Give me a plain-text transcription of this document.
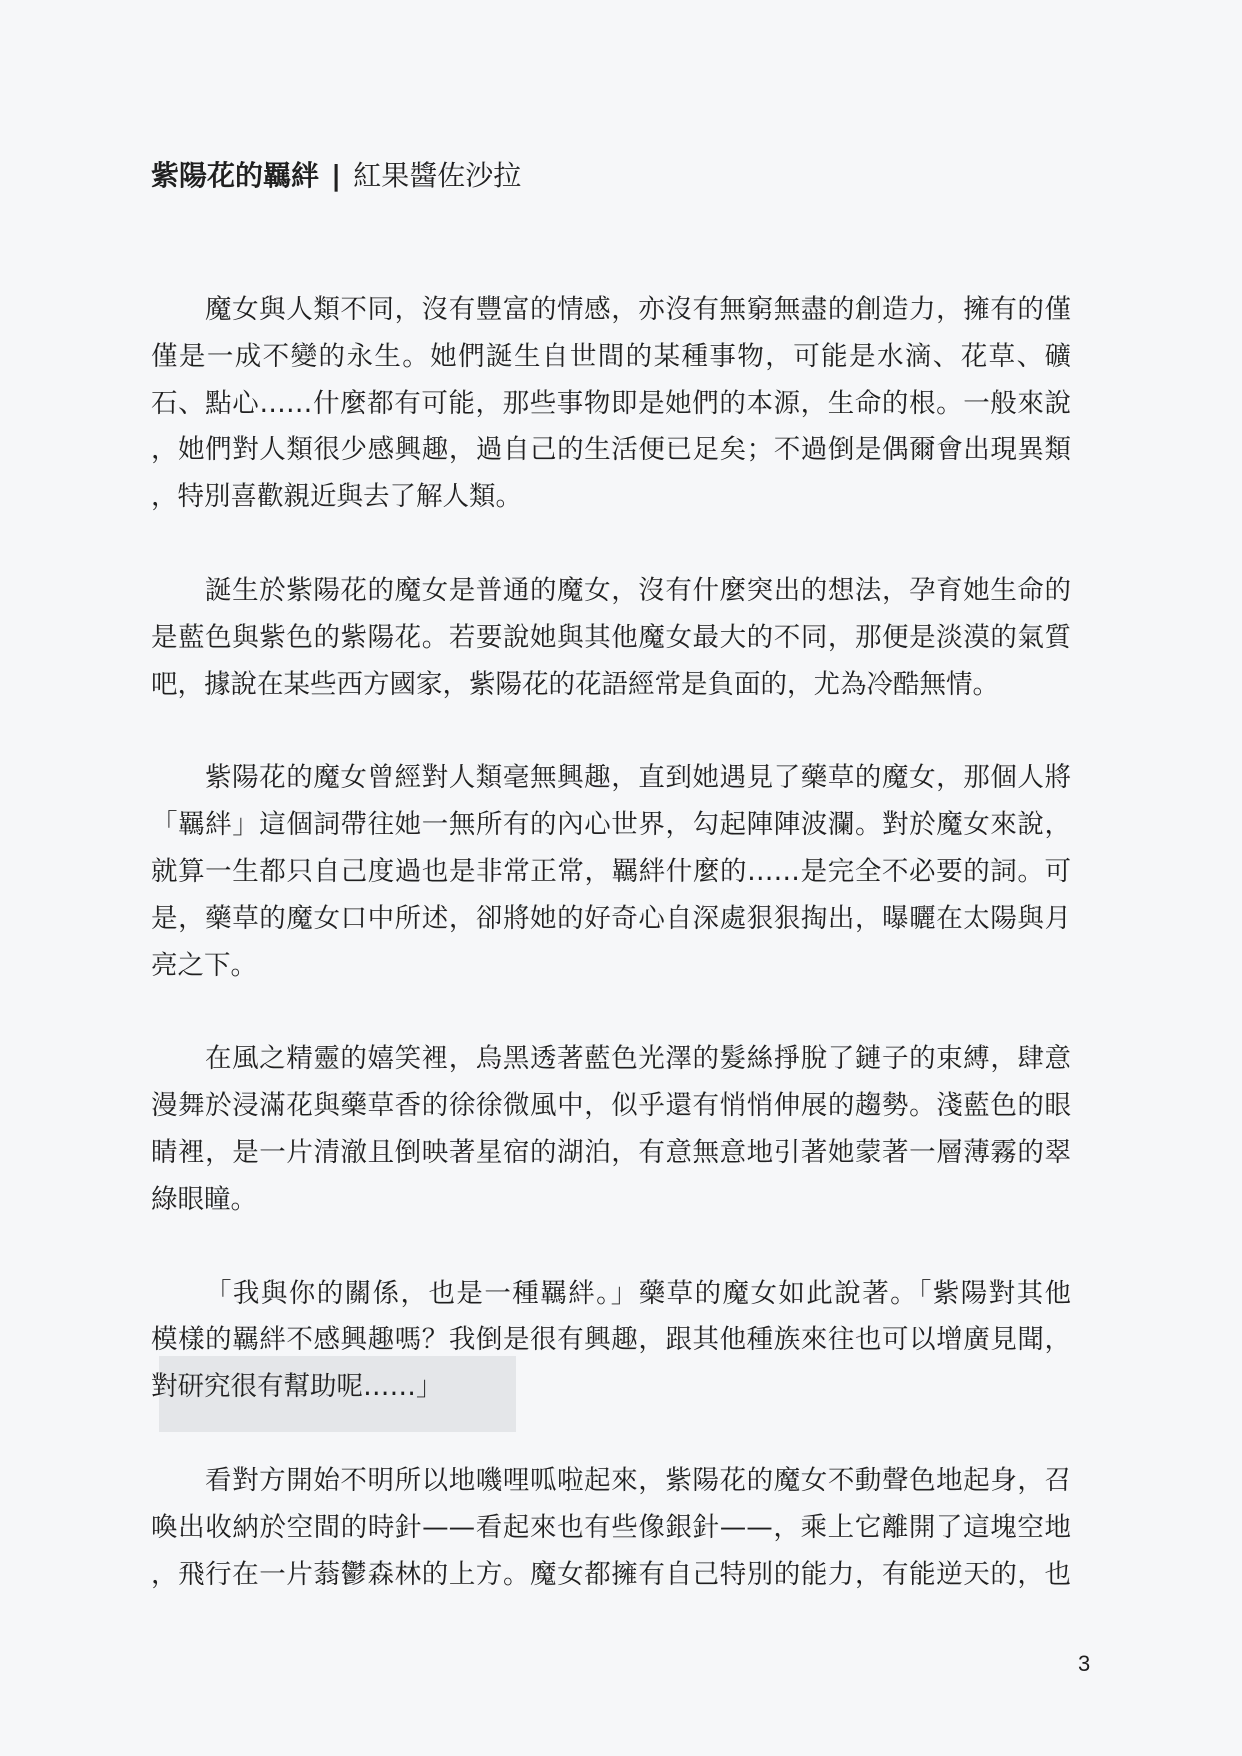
紫陽花的羈絆 | 紅果醬佐沙拉
魔女與人類不同，沒有豐富的情感，亦沒有無窮無盡的創造力，擁有的僅
僅是一成不變的永生。她們誕生自世間的某種事物，可能是水滴、花草、礦
石、點心……什麼都有可能，那些事物即是她們的本源，生命的根。一般來說
，她們對人類很少感興趣，過自己的生活便已足矣；不過倒是偶爾會出現異類
，特別喜歡親近與去了解人類。
誕生於紫陽花的魔女是普通的魔女，沒有什麼突出的想法，孕育她生命的
是藍色與紫色的紫陽花。若要說她與其他魔女最大的不同，那便是淡漠的氣質
吧，據說在某些西方國家，紫陽花的花語經常是負面的，尤為冷酷無情。
紫陽花的魔女曾經對人類毫無興趣，直到她遇見了藥草的魔女，那個人將
「羈絆」這個詞帶往她一無所有的內心世界，勾起陣陣波瀾。對於魔女來說，
就算一生都只自己度過也是非常正常，羈絆什麼的……是完全不必要的詞。可
是，藥草的魔女口中所述，卻將她的好奇心自深處狠狠掏出，曝曬在太陽與月
亮之下。
在風之精靈的嬉笑裡，烏黑透著藍色光澤的髮絲掙脫了鏈子的束縛，肆意
漫舞於浸滿花與藥草香的徐徐微風中，似乎還有悄悄伸展的趨勢。淺藍色的眼
睛裡，是一片清澈且倒映著星宿的湖泊，有意無意地引著她蒙著一層薄霧的翠
綠眼瞳。
「我與你的關係，也是一種羈絆。」藥草的魔女如此說著。「紫陽對其他
模樣的羈絆不感興趣嗎？我倒是很有興趣，跟其他種族來往也可以增廣見聞，
對研究很有幫助呢……」
看對方開始不明所以地嘰哩呱啦起來，紫陽花的魔女不動聲色地起身，召
喚出收納於空間的時針——看起來也有些像銀針——，乘上它離開了這塊空地
，飛行在一片蓊鬱森林的上方。魔女都擁有自己特別的能力，有能逆天的，也
3
